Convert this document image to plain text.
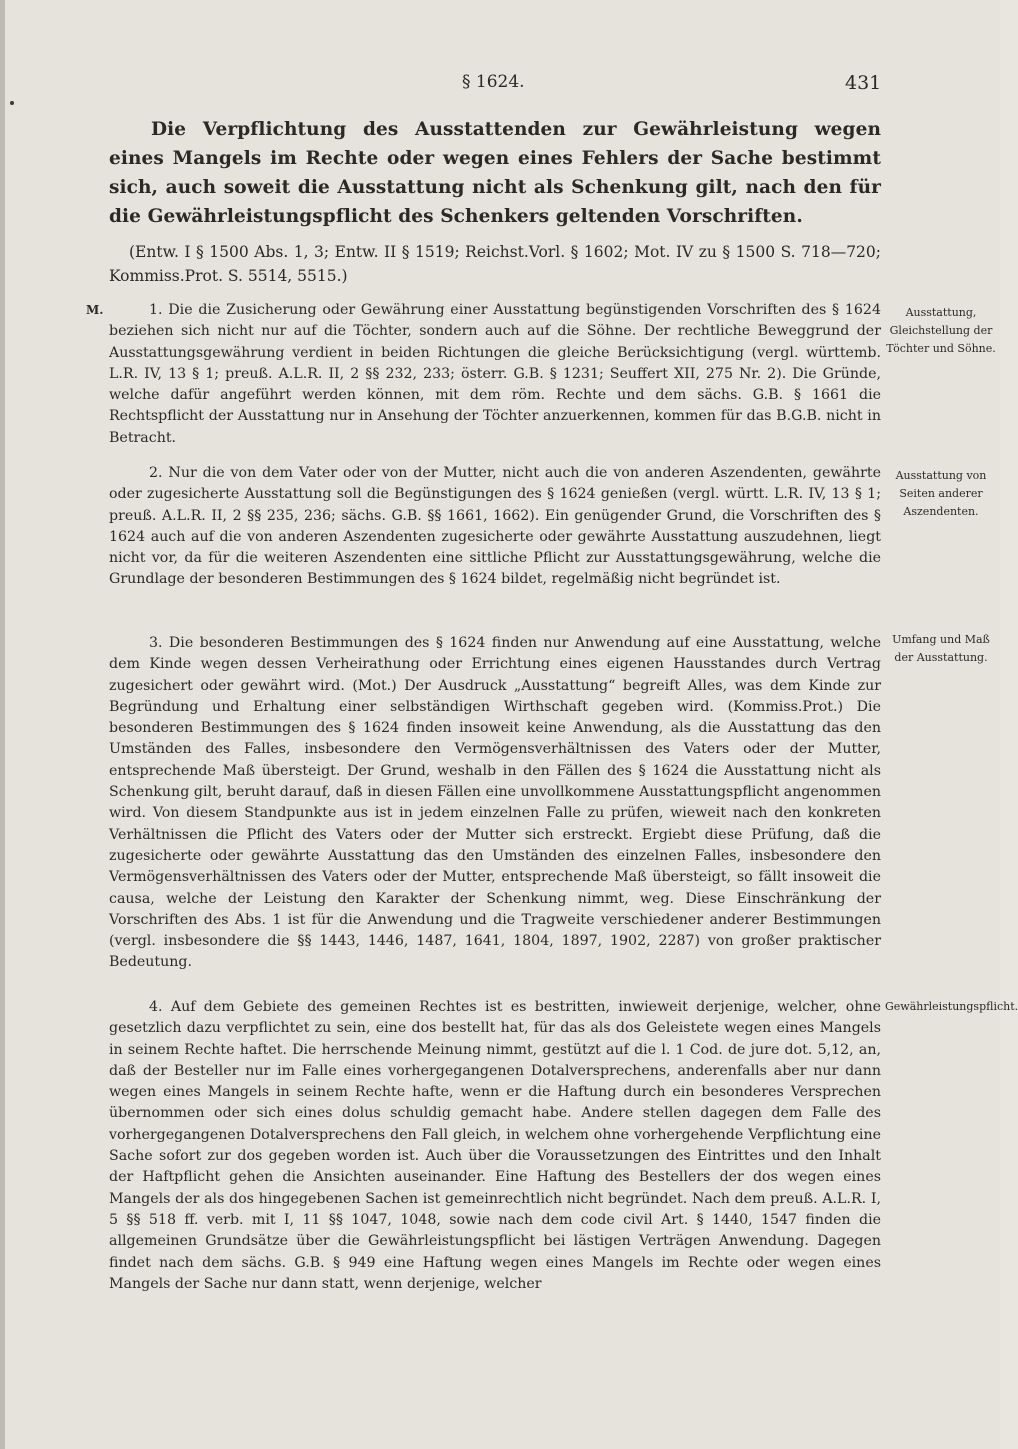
§ 1624.	431
Die Verpflichtung des Ausstattenden zur Gewährleistung wegen eines Mangels im Rechte oder wegen eines Fehlers der Sache bestimmt sich, auch soweit die Ausstattung nicht als Schenkung gilt, nach den für die Gewährleistungspflicht des Schenkers geltenden Vorschriften.
(Entw. I § 1500 Abs. 1, 3; Entw. II § 1519; Reichst.Vorl. § 1602; Mot. IV zu § 1500 S. 718—720; Kommiss.Prot. S. 5514, 5515.)
M.	1. Die die Zusicherung oder Gewährung einer Ausstattung begünstigenden Vorschriften des § 1624 beziehen sich nicht nur auf die Töchter, sondern auch auf die Söhne. Der rechtliche Beweggrund der Ausstattungsgewährung verdient in beiden Richtungen die gleiche Berücksichtigung (vergl. württemb. L.R. IV, 13 § 1; preuß. A.L.R. II, 2 §§ 232, 233; österr. G.B. § 1231; Seuffert XII, 275 Nr. 2). Die Gründe, welche dafür angeführt werden können, mit dem röm. Rechte und dem sächs. G.B. § 1661 die Rechtspflicht der Ausstattung nur in Ansehung der Töchter anzuerkennen, kommen für das B.G.B. nicht in Betracht.

2. Nur die von dem Vater oder von der Mutter, nicht auch die von anderen Aszendenten, gewährte oder zugesicherte Ausstattung soll die Begünstigungen des § 1624 genießen (vergl. württ. L.R. IV, 13 § 1; preuß. A.L.R. II, 2 §§ 235, 236; sächs. G.B. §§ 1661, 1662). Ein genügender Grund, die Vorschriften des § 1624 auch auf die von anderen Aszendenten zugesicherte oder gewährte Ausstattung auszudehnen, liegt nicht vor, da für die weiteren Aszendenten eine sittliche Pflicht zur Ausstattungsgewährung, welche die Grundlage der besonderen Bestimmungen des § 1624 bildet, regelmäßig nicht begründet ist.

3. Die besonderen Bestimmungen des § 1624 finden nur Anwendung auf eine Ausstattung, welche dem Kinde wegen dessen Verheirathung oder Errichtung eines eigenen Hausstandes durch Vertrag zugesichert oder gewährt wird. (Mot.) Der Ausdruck „Ausstattung“ begreift Alles, was dem Kinde zur Begründung und Erhaltung einer selbständigen Wirthschaft gegeben wird. (Kommiss.Prot.) Die besonderen Bestimmungen des § 1624 finden insoweit keine Anwendung, als die Ausstattung das den Umständen des Falles, insbesondere den Vermögensverhältnissen des Vaters oder der Mutter, entsprechende Maß übersteigt. Der Grund, weshalb in den Fällen des § 1624 die Ausstattung nicht als Schenkung gilt, beruht darauf, daß in diesen Fällen eine unvollkommene Ausstattungspflicht angenommen wird. Von diesem Standpunkte aus ist in jedem einzelnen Falle zu prüfen, wieweit nach den konkreten Verhältnissen die Pflicht des Vaters oder der Mutter sich erstreckt. Ergiebt diese Prüfung, daß die zugesicherte oder gewährte Ausstattung das den Umständen des einzelnen Falles, insbesondere den Vermögensverhältnissen des Vaters oder der Mutter, entsprechende Maß übersteigt, so fällt insoweit die causa, welche der Leistung den Karakter der Schenkung nimmt, weg. Diese Einschränkung der Vorschriften des Abs. 1 ist für die Anwendung und die Tragweite verschiedener anderer Bestimmungen (vergl. insbesondere die §§ 1443, 1446, 1487, 1641, 1804, 1897, 1902, 2287) von großer praktischer Bedeutung.

4. Auf dem Gebiete des gemeinen Rechtes ist es bestritten, inwieweit derjenige, welcher, ohne gesetzlich dazu verpflichtet zu sein, eine dos bestellt hat, für das als dos Geleistete wegen eines Mangels in seinem Rechte haftet. Die herrschende Meinung nimmt, gestützt auf die l. 1 Cod. de jure dot. 5,12, an, daß der Besteller nur im Falle eines vorhergegangenen Dotalversprechens, anderenfalls aber nur dann wegen eines Mangels in seinem Rechte hafte, wenn er die Haftung durch ein besonderes Versprechen übernommen oder sich eines dolus schuldig gemacht habe. Andere stellen dagegen dem Falle des vorhergegangenen Dotalversprechens den Fall gleich, in welchem ohne vorhergehende Verpflichtung eine Sache sofort zur dos gegeben worden ist. Auch über die Voraussetzungen des Eintrittes und den Inhalt der Haftpflicht gehen die Ansichten auseinander. Eine Haftung des Bestellers der dos wegen eines Mangels der als dos hingegebenen Sachen ist gemeinrechtlich nicht begründet. Nach dem preuß. A.L.R. I, 5 §§ 518 ff. verb. mit I, 11 §§ 1047, 1048, sowie nach dem code civil Art. § 1440, 1547 finden die allgemeinen Grundsätze über die Gewährleistungspflicht bei lästigen Verträgen Anwendung. Dagegen findet nach dem sächs. G.B. § 949 eine Haftung wegen eines Mangels im Rechte oder wegen eines Mangels der Sache nur dann statt, wenn derjenige, welcher

Ausstattung, Gleichstellung der Töchter und Söhne.
Ausstattung von Seiten anderer Aszendenten.
Umfang und Maß der Ausstattung.
Gewährleistungspflicht.
